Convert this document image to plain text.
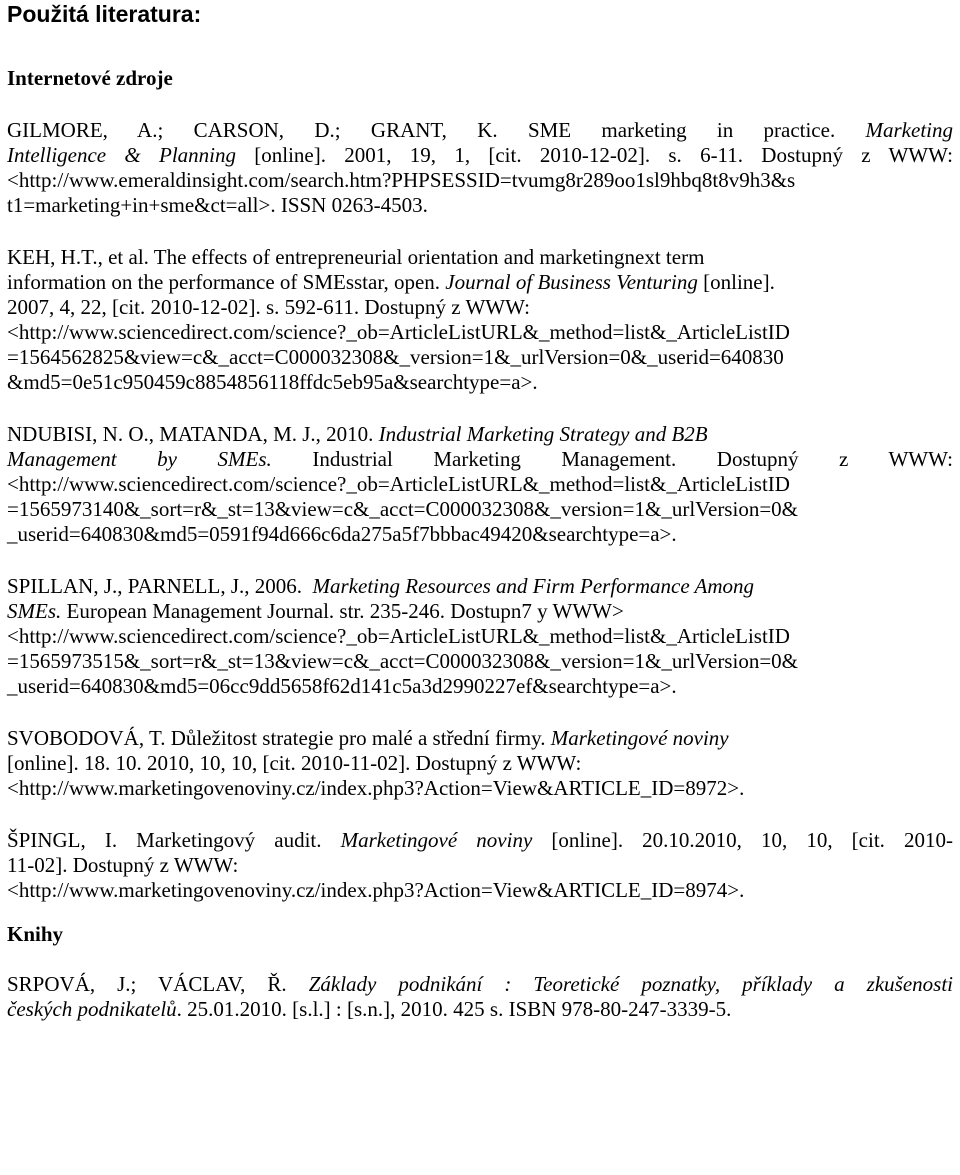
Použitá literatura:
Internetové zdroje

GILMORE, A.; CARSON, D.; GRANT, K. SME marketing in practice. Marketing
Intelligence & Planning [online]. 2001, 19, 1, [cit. 2010-12-02]. s. 6-11. Dostupný z WWW:
<http://www.emeraldinsight.com/search.htm?PHPSESSID=tvumg8r289oo1sl9hbq8t8v9h3&s
t1=marketing+in+sme&ct=all>. ISSN 0263-4503.

KEH, H.T., et al. The effects of entrepreneurial orientation and marketingnext term
information on the performance of SMEsstar, open. Journal of Business Venturing [online].
2007, 4, 22, [cit. 2010-12-02]. s. 592-611. Dostupný z WWW:
<http://www.sciencedirect.com/science?_ob=ArticleListURL&_method=list&_ArticleListID
=1564562825&view=c&_acct=C000032308&_version=1&_urlVersion=0&_userid=640830
&md5=0e51c950459c8854856118ffdc5eb95a&searchtype=a>.

NDUBISI, N. O., MATANDA, M. J., 2010. Industrial Marketing Strategy and B2B
Management by SMEs. Industrial Marketing Management. Dostupný z WWW:
<http://www.sciencedirect.com/science?_ob=ArticleListURL&_method=list&_ArticleListID
=1565973140&_sort=r&_st=13&view=c&_acct=C000032308&_version=1&_urlVersion=0&
_userid=640830&md5=0591f94d666c6da275a5f7bbbac49420&searchtype=a>.

SPILLAN, J., PARNELL, J., 2006.  Marketing Resources and Firm Performance Among
SMEs. European Management Journal. str. 235-246. Dostupn7 y WWW>
<http://www.sciencedirect.com/science?_ob=ArticleListURL&_method=list&_ArticleListID
=1565973515&_sort=r&_st=13&view=c&_acct=C000032308&_version=1&_urlVersion=0&
_userid=640830&md5=06cc9dd5658f62d141c5a3d2990227ef&searchtype=a>.

SVOBODOVÁ, T. Důležitost strategie pro malé a střední firmy. Marketingové noviny
[online]. 18. 10. 2010, 10, 10, [cit. 2010-11-02]. Dostupný z WWW:
<http://www.marketingovenoviny.cz/index.php3?Action=View&ARTICLE_ID=8972>.

ŠPINGL, I. Marketingový audit. Marketingové noviny [online]. 20.10.2010, 10, 10, [cit. 2010-
11-02]. Dostupný z WWW:
<http://www.marketingovenoviny.cz/index.php3?Action=View&ARTICLE_ID=8974>.

Knihy

SRPOVÁ, J.; VÁCLAV, Ř. Základy podnikání : Teoretické poznatky, příklady a zkušenosti
českých podnikatelů. 25.01.2010. [s.l.] : [s.n.], 2010. 425 s. ISBN 978-80-247-3339-5.
